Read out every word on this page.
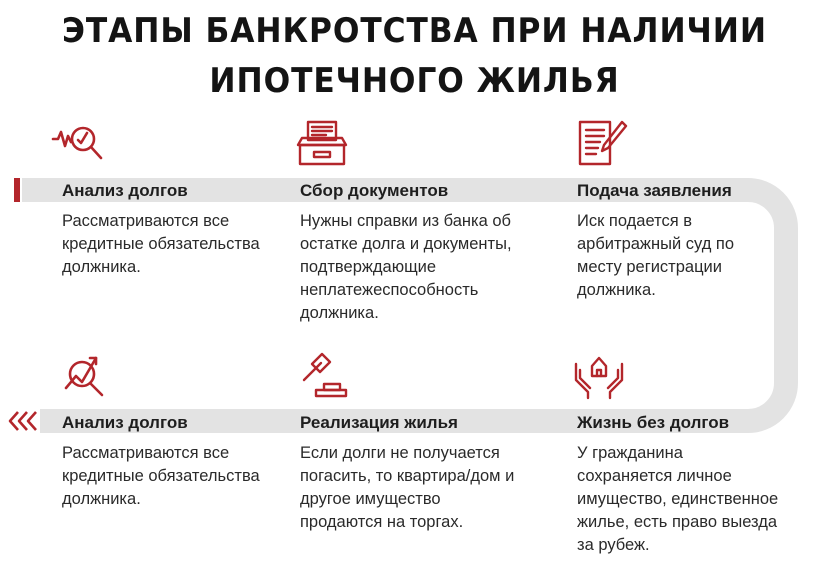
ЭТАПЫ БАНКРОТСТВА ПРИ НАЛИЧИИ
ИПОТЕЧНОГО ЖИЛЬЯ
Анализ долгов

Рассматриваются все
кредитные обязательства
должника.

Сбор документов

Нужны справки из банка об
остатке долга и документы,
подтверждающие
неплатежеспособность
должника.

Подача заявления

Иск подается в
арбитражный суд по
месту регистрации
должника.

Анализ долгов

Рассматриваются все
кредитные обязательства
должника.

Реализация жилья

Если долги не получается
погасить, то квартира/дом и
другое имущество
продаются на торгах.

Жизнь без долгов

У гражданина
сохраняется личное
имущество, единственное
жилье, есть право выезда
за рубеж.
